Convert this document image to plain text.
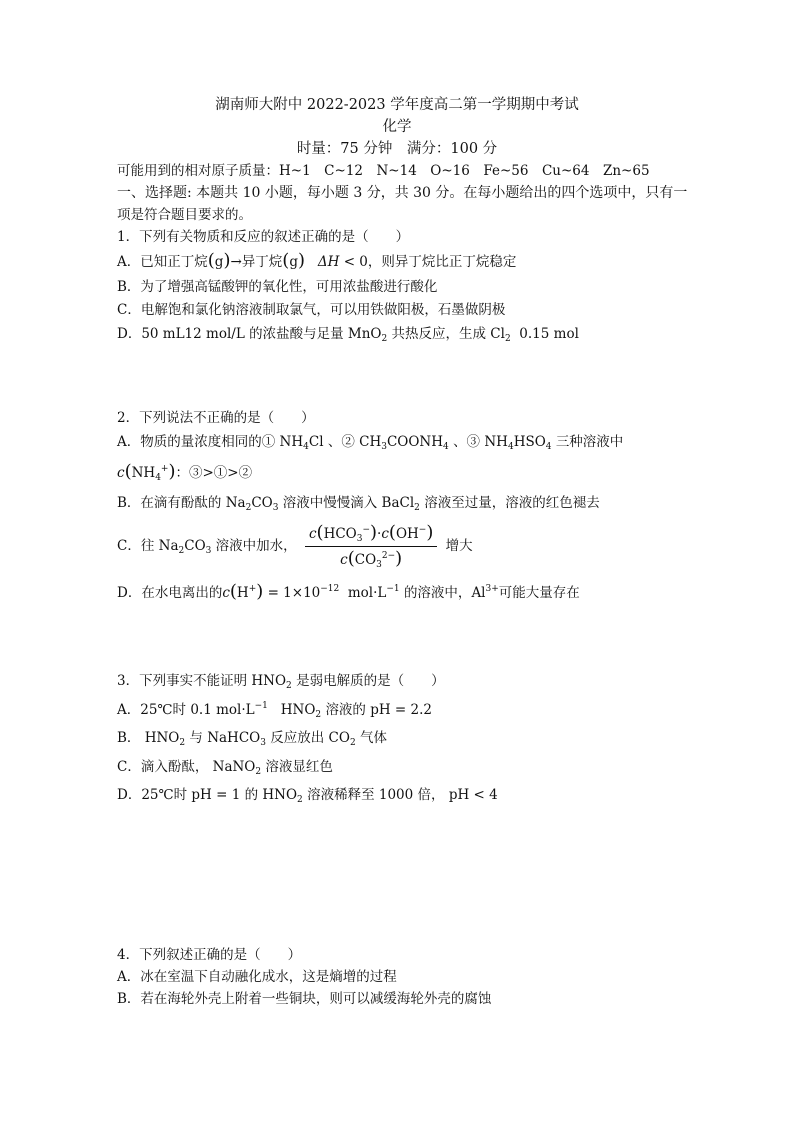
湖南师大附中 2022-2023 学年度高二第一学期期中考试
化学
时量：75 分钟　满分：100 分
可能用到的相对原子质量：H~1　C~12　N~14　O~16　Fe~56　Cu~64　Zn~65
一、选择题: 本题共 10 小题，每小题 3 分，共 30 分。在每小题给出的四个选项中，只有一
项是符合题目要求的。
1．下列有关物质和反应的叙述正确的是（　　）
A．已知正丁烷(g)→异丁烷(g) ΔH < 0，则异丁烷比正丁烷稳定
B．为了增强高锰酸钾的氧化性，可用浓盐酸进行酸化
C．电解饱和氯化钠溶液制取氯气，可以用铁做阳极，石墨做阴极
D．50 mL12 mol/L 的浓盐酸与足量 MnO$_2$ 共热反应，生成 $Cl_2$ 0.15 mol
2．下列说法不正确的是（　　）
A．物质的量浓度相同的① $NH_4Cl$ 、② $CH_3COONH_4$ 、③ $NH_4HSO_4$ 三种溶液中
$c(NH_4^+)$：③>①>②
B．在滴有酚酞的 $Na_2CO_3$ 溶液中慢慢滴入 BaCl$_2$ 溶液至过量，溶液的红色褪去
C．往 $Na_2CO_3$ 溶液中加水， $\frac{c(HCO_3^-)\cdot c(OH^-)}{c(CO_3^{2-})}$ 增大
D．在水电离出的$c(H^+) = 1\times 10^{-12}$  $mol\cdot L^{-1}$ 的溶液中，$Al^{3+}$可能大量存在
3．下列事实不能证明 $HNO_2$ 是弱电解质的是（　　）
A．25℃时 0.1 $mol\cdot L^{-1}$   $HNO_2$ 溶液的 pH = 2.2
B． $HNO_2$ 与 NaHCO$_3$ 反应放出 $CO_2$ 气体
C．滴入酚酞， NaNO$_2$ 溶液显红色
D．25℃时 pH = 1 的 $HNO_2$ 溶液稀释至 1000 倍， pH < 4
4．下列叙述正确的是（　　）
A．冰在室温下自动融化成水，这是熵增的过程
B．若在海轮外壳上附着一些铜块，则可以减缓海轮外壳的腐蚀
